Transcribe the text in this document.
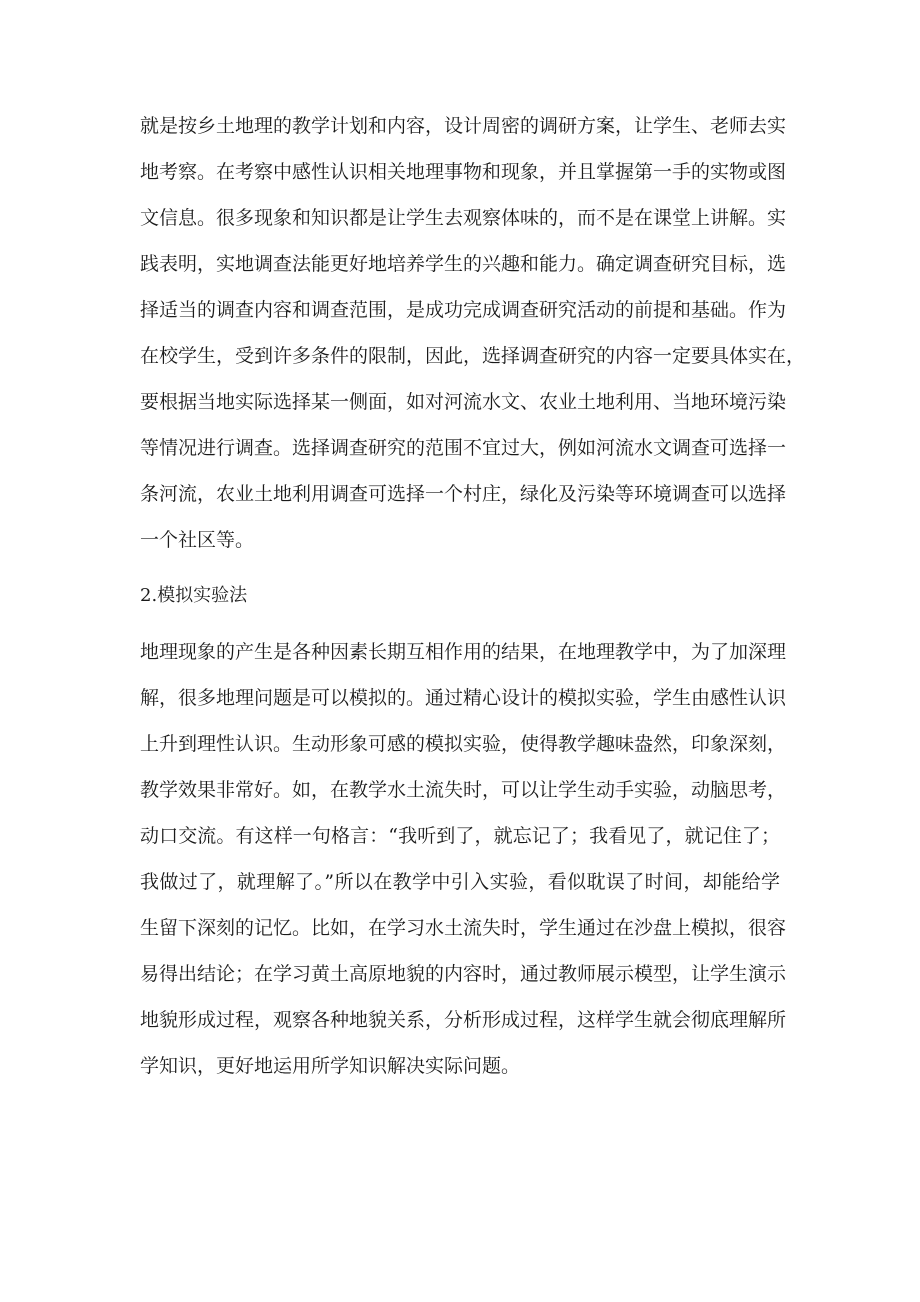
就是按乡土地理的教学计划和内容，设计周密的调研方案，让学生、老师去实
地考察。在考察中感性认识相关地理事物和现象，并且掌握第一手的实物或图
文信息。很多现象和知识都是让学生去观察体味的，而不是在课堂上讲解。实
践表明，实地调查法能更好地培养学生的兴趣和能力。确定调查研究目标，选
择适当的调查内容和调查范围，是成功完成调查研究活动的前提和基础。作为
在校学生，受到许多条件的限制，因此，选择调查研究的内容一定要具体实在，
要根据当地实际选择某一侧面，如对河流水文、农业土地利用、当地环境污染
等情况进行调查。选择调查研究的范围不宜过大，例如河流水文调查可选择一
条河流，农业土地利用调查可选择一个村庄，绿化及污染等环境调查可以选择
一个社区等。
2.模拟实验法
地理现象的产生是各种因素长期互相作用的结果，在地理教学中，为了加深理
解，很多地理问题是可以模拟的。通过精心设计的模拟实验，学生由感性认识
上升到理性认识。生动形象可感的模拟实验，使得教学趣味盎然，印象深刻，
教学效果非常好。如，在教学水土流失时，可以让学生动手实验，动脑思考，
动口交流。有这样一句格言：“我听到了，就忘记了；我看见了，就记住了；
我做过了，就理解了。”所以在教学中引入实验，看似耽误了时间，却能给学
生留下深刻的记忆。比如，在学习水土流失时，学生通过在沙盘上模拟，很容
易得出结论；在学习黄土高原地貌的内容时，通过教师展示模型，让学生演示
地貌形成过程，观察各种地貌关系，分析形成过程，这样学生就会彻底理解所
学知识，更好地运用所学知识解决实际问题。
